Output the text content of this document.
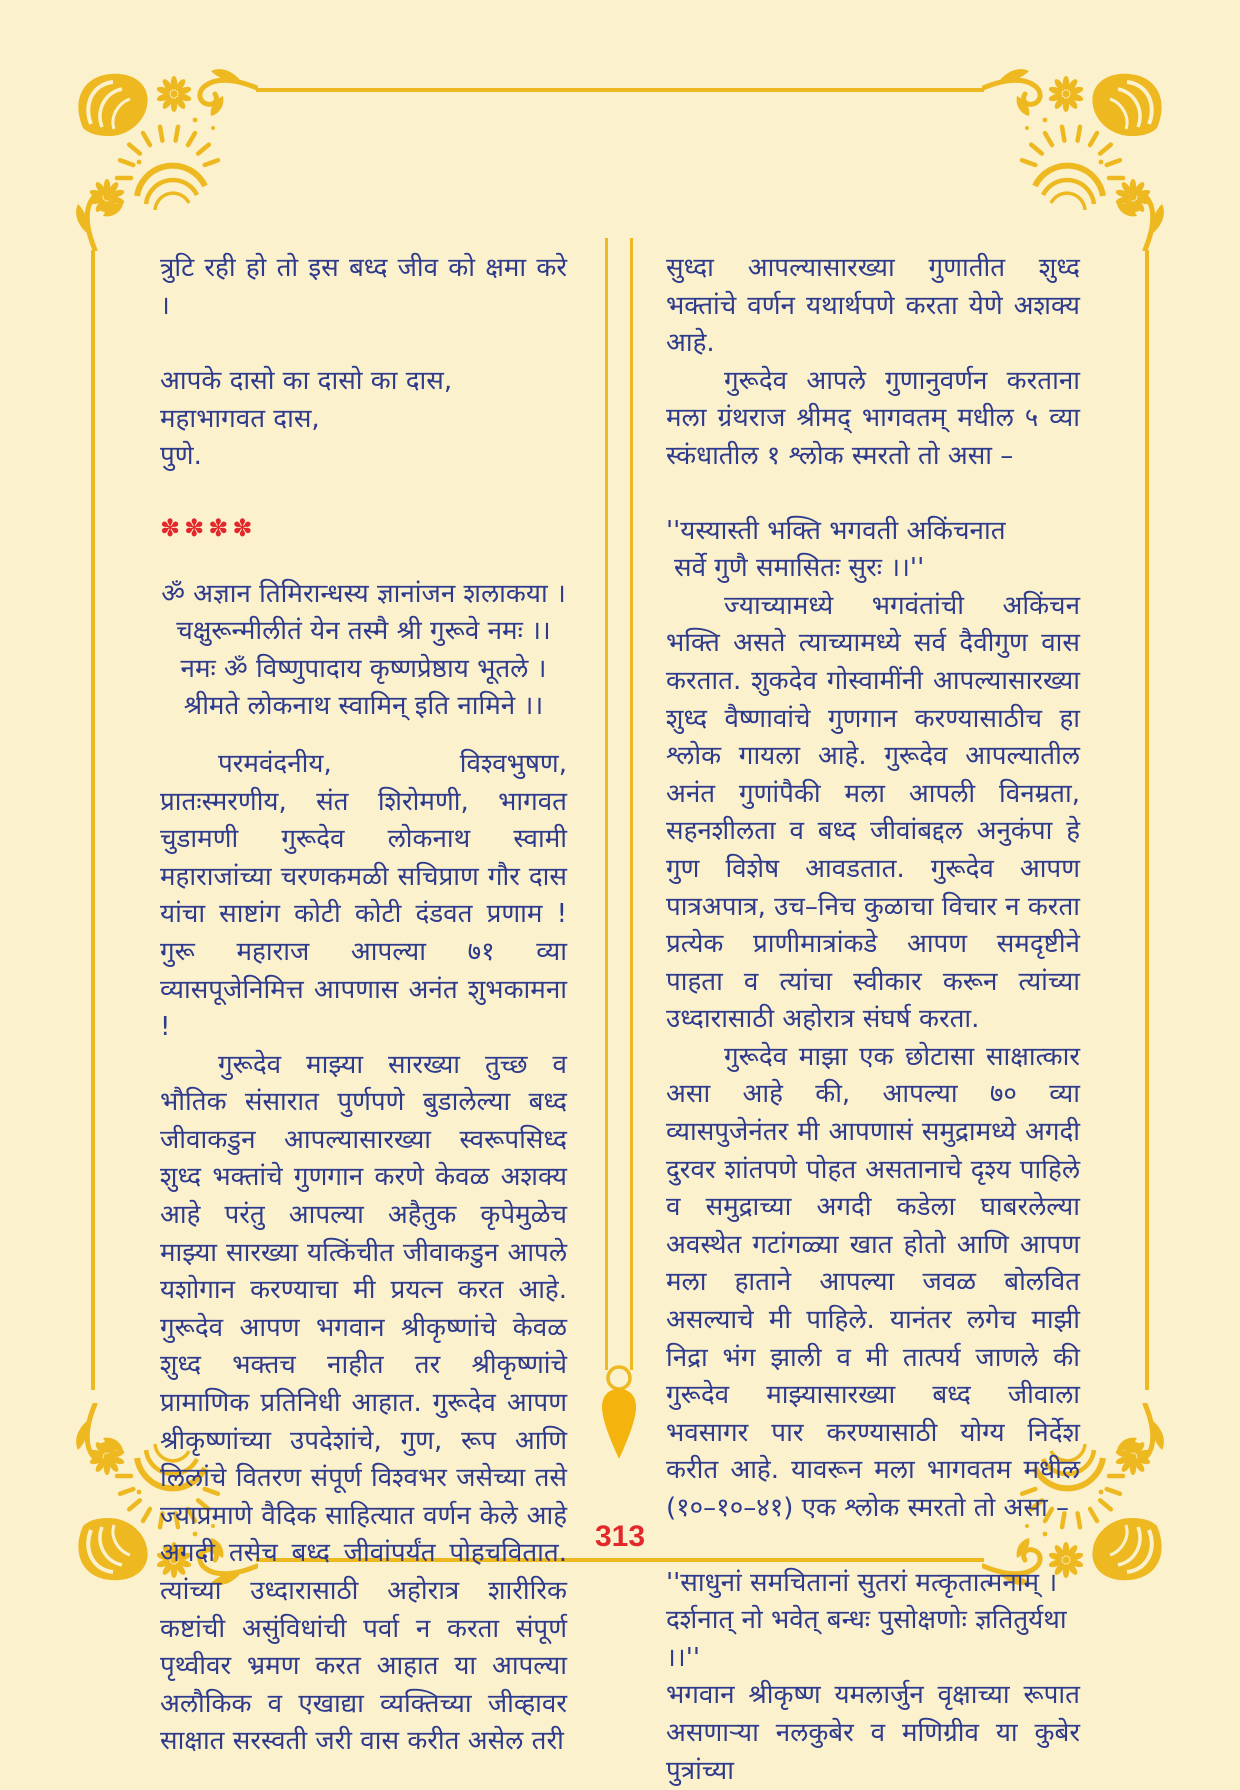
त्रुटि रही हो तो इस बध्द जीव को क्षमा करे ।

आपके दासो का दासो का दास,
महाभागवत दास,
पुणे.
✽✽✽✽
ॐ अज्ञान तिमिरान्धस्य ज्ञानांजन शलाकया ।
चक्षुरून्मीलीतं येन तस्मै श्री गुरूवे नमः ।।
नमः ॐ विष्णुपादाय कृष्णप्रेष्ठाय भूतले ।
श्रीमते लोकनाथ स्वामिन् इति नामिने ।।

परमवंदनीय, विश्वभुषण, प्रातःस्मरणीय, संत शिरोमणी, भागवत चुडामणी गुरूदेव लोकनाथ स्वामी महाराजांच्या चरणकमळी सचिप्राण गौर दास यांचा साष्टांग कोटी कोटी दंडवत प्रणाम ! गुरू महाराज आपल्या ७१ व्या व्यासपूजेनिमित्त आपणास अनंत शुभकामना !

गुरूदेव माझ्या सारख्या तुच्छ व भौतिक संसारात पुर्णपणे बुडालेल्या बध्द जीवाकडुन आपल्यासारख्या स्वरूपसिध्द शुध्द भक्तांचे गुणगान करणे केवळ अशक्य आहे परंतु आपल्या अहैतुक कृपेमुळेच माझ्या सारख्या यत्किंचीत जीवाकडुन आपले यशोगान करण्याचा मी प्रयत्न करत आहे. गुरूदेव आपण भगवान श्रीकृष्णांचे केवळ शुध्द भक्तच नाहीत तर श्रीकृष्णांचे प्रामाणिक प्रतिनिधी आहात. गुरूदेव आपण श्रीकृष्णांच्या उपदेशांचे, गुण, रूप आणि लिलांचे वितरण संपूर्ण विश्वभर जसेच्या तसे ज्याप्रमाणे वैदिक साहित्यात वर्णन केले आहे अगदी तसेच बध्द जीवांपर्यंत पोहचवितात. त्यांच्या उध्दारासाठी अहोरात्र शारीरिक कष्टांची असुंविधांची पर्वा न करता संपूर्ण पृथ्वीवर भ्रमण करत आहात या आपल्या अलौकिक व एखाद्या व्यक्तिच्या जीव्हावर साक्षात सरस्वती जरी वास करीत असेल तरी

सुध्दा आपल्यासारख्या गुणातीत शुध्द भक्तांचे वर्णन यथार्थपणे करता येणे अशक्य आहे.

गुरूदेव आपले गुणानुवर्णन करताना मला ग्रंथराज श्रीमद् भागवतम् मधील ५ व्या स्कंधातील १ श्लोक स्मरतो तो असा –

''यस्यास्ती भक्ति भगवती अकिंचनात
सर्वे गुणै समासितः सुरः ।।''

ज्याच्यामध्ये भगवंतांची अकिंचन भक्ति असते त्याच्यामध्ये सर्व दैवीगुण वास करतात. शुकदेव गोस्वामींनी आपल्यासारख्या शुध्द वैष्णावांचे गुणगान करण्यासाठीच हा श्लोक गायला आहे. गुरूदेव आपल्यातील अनंत गुणांपैकी मला आपली विनम्रता, सहनशीलता व बध्द जीवांबद्दल अनुकंपा हे गुण विशेष आवडतात. गुरूदेव आपण पात्रअपात्र, उच–निच कुळाचा विचार न करता प्रत्येक प्राणीमात्रांकडे आपण समदृष्टीने पाहता व त्यांचा स्वीकार करून त्यांच्या उध्दारासाठी अहोरात्र संघर्ष करता.

गुरूदेव माझा एक छोटासा साक्षात्कार असा आहे की, आपल्या ७० व्या व्यासपुजेनंतर मी आपणासं समुद्रामध्ये अगदी दुरवर शांतपणे पोहत असतानाचे दृश्य पाहिले व समुद्राच्या अगदी कडेला घाबरलेल्या अवस्थेत गटांगळ्या खात होतो आणि आपण मला हाताने आपल्या जवळ बोलवित असल्याचे मी पाहिले. यानंतर लगेच माझी निद्रा भंग झाली व मी तात्पर्य जाणले की गुरूदेव माझ्यासारख्या बध्द जीवाला भवसागर पार करण्यासाठी योग्य निर्देश करीत आहे. यावरून मला भागवतम मधील (१०–१०–४१) एक श्लोक स्मरतो तो असा –

''साधुनां समचितानां सुतरां मत्कृतात्मनाम् ।
दर्शनात् नो भवेत् बन्धः पुसोक्षणोः ज्ञतितुर्यथा ।।''

भगवान श्रीकृष्ण यमलार्जुन वृक्षाच्या रूपात असणाऱ्या नलकुबेर व मणिग्रीव या कुबेर पुत्रांच्या

313
